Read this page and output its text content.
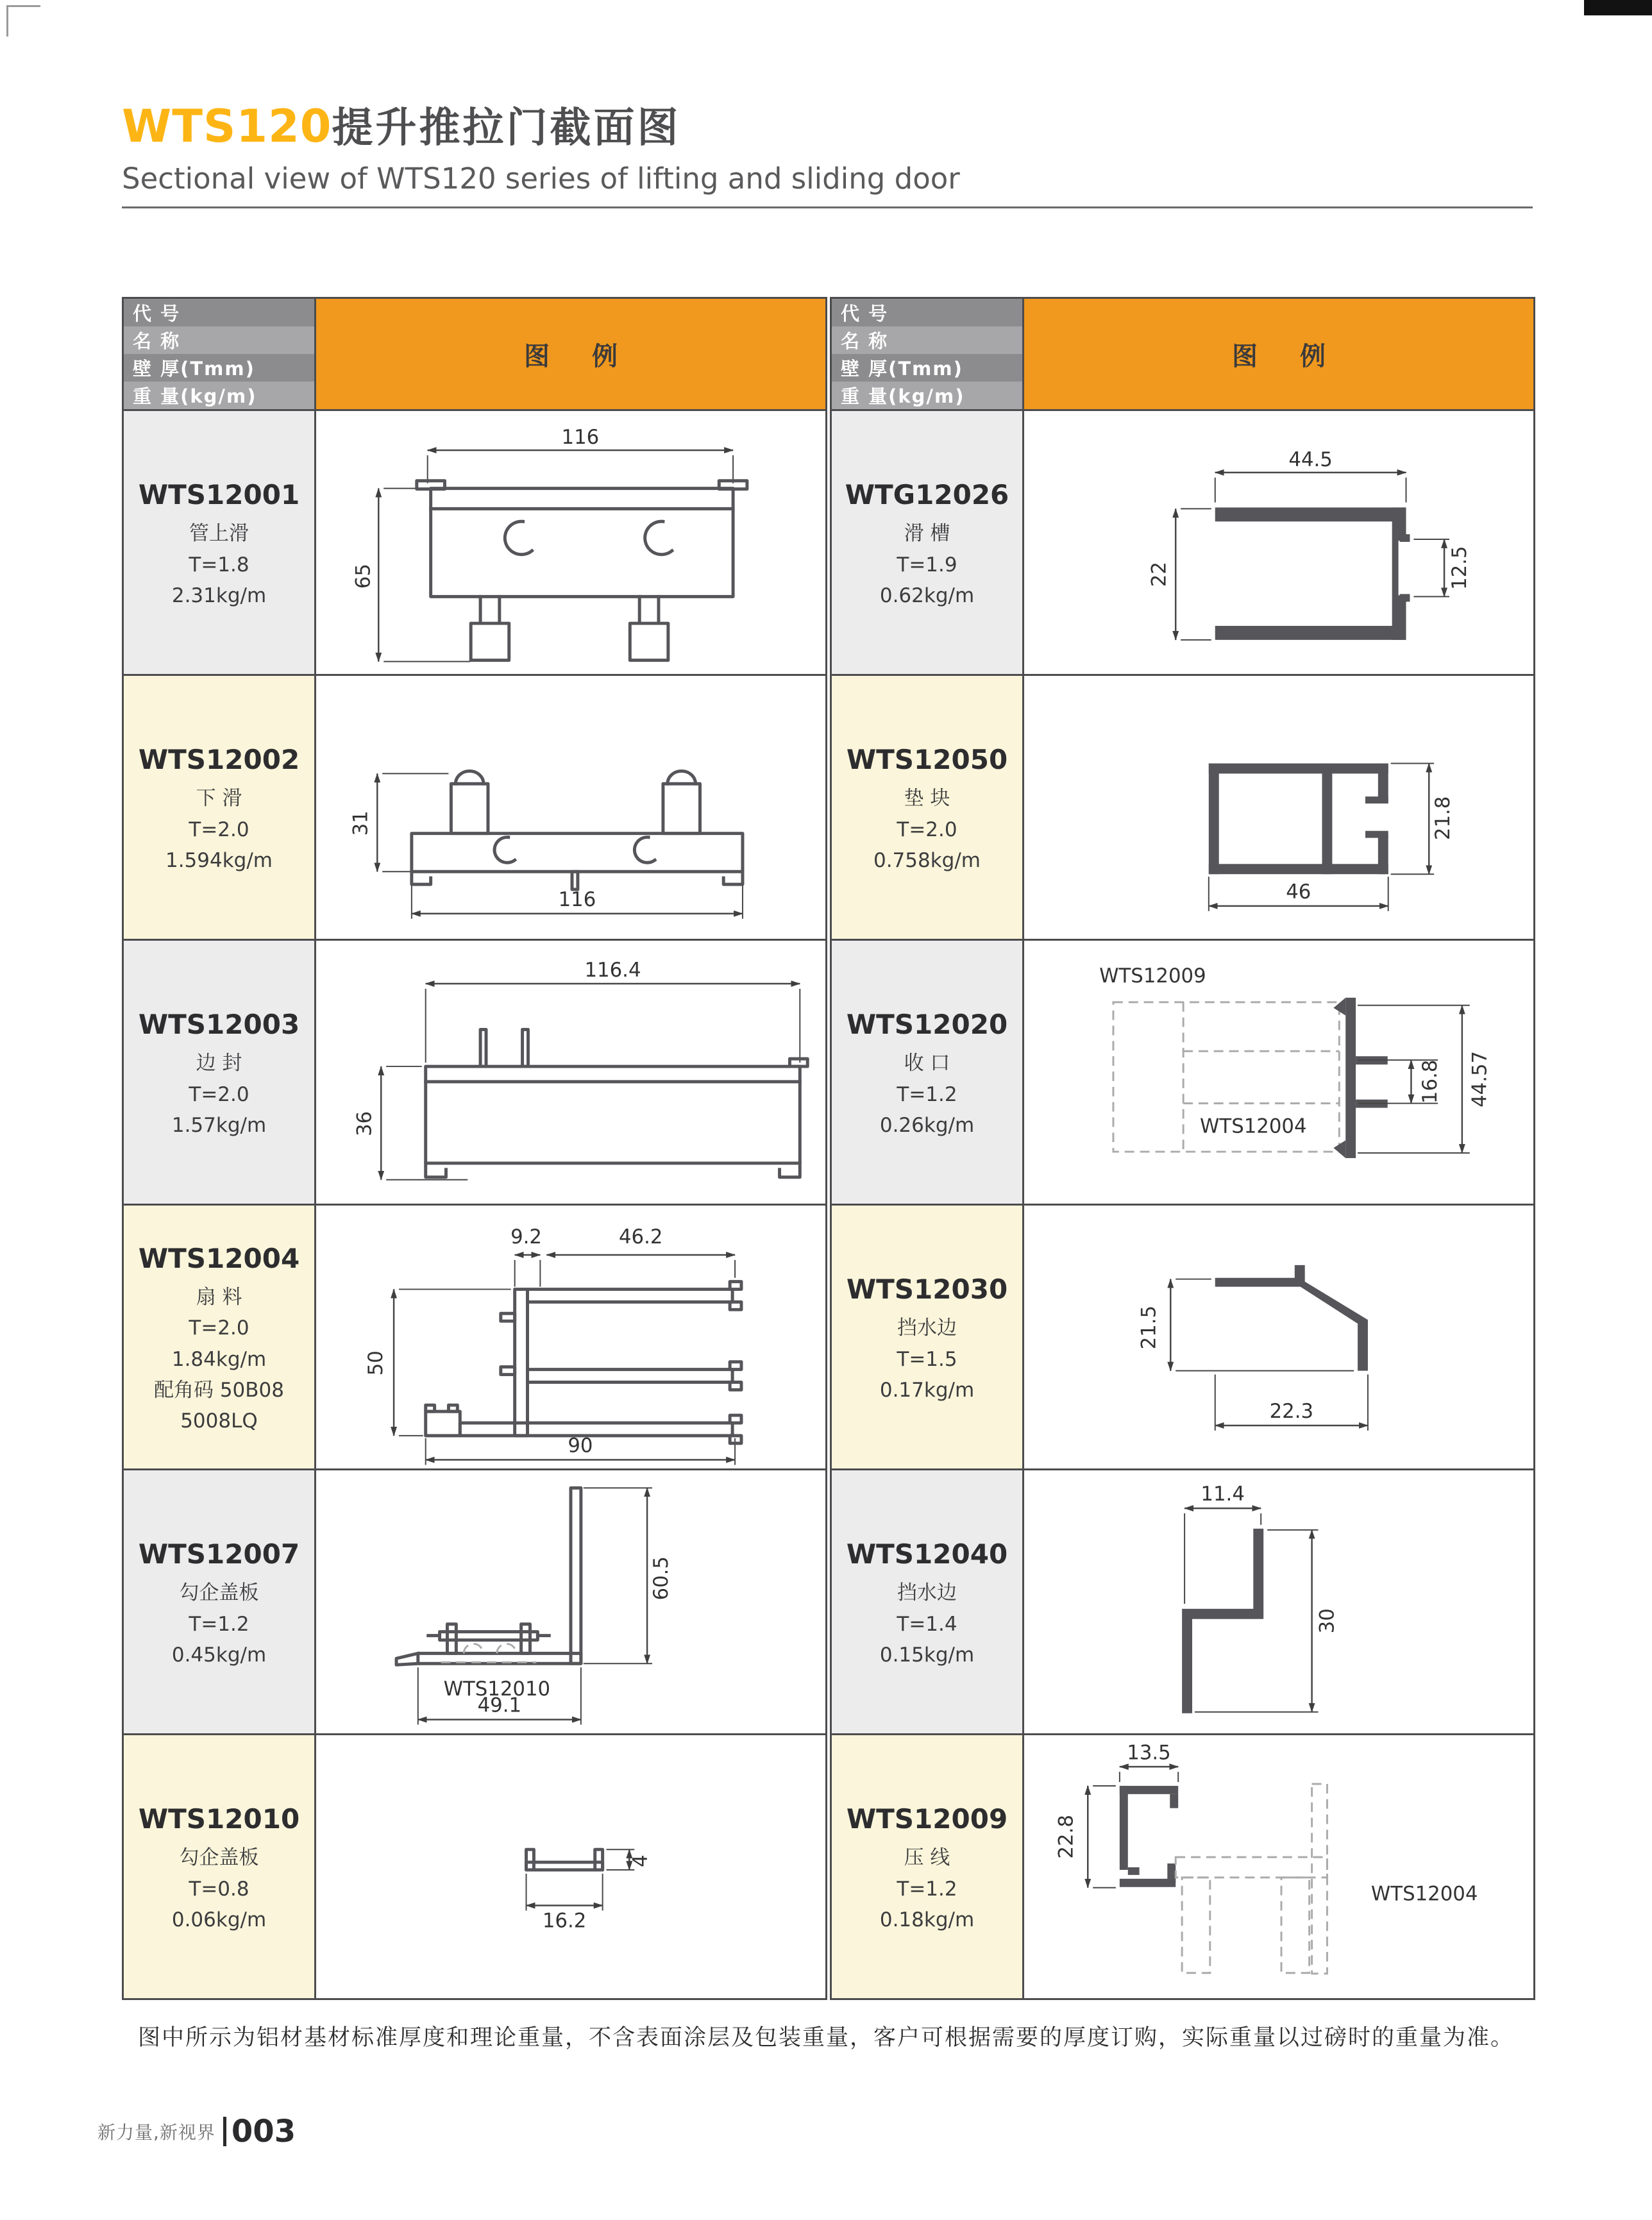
WTS120提升推拉门截面图
Sectional view of WTS120 series of lifting and sliding door
代 号
名 称
壁 厚(Tmm)
重 量(kg/m)
图 例
WTS12001
管上滑
T=1.8
2.31kg/m
116
65
WTS12002
下 滑
T=2.0
1.594kg/m
31
116
WTS12003
边 封
T=2.0
1.57kg/m
116.4
36
WTS12004
扇 料
T=2.0
1.84kg/m
配角码 50B08
5008LQ
9.2	46.2
50
90
WTS12007
勾企盖板
T=1.2
0.45kg/m
WTS12010
60.5
49.1
WTS12010
勾企盖板
T=0.8
0.06kg/m
4
16.2
代 号
名 称
壁 厚(Tmm)
重 量(kg/m)
图 例
WTG12026
滑 槽
T=1.9
0.62kg/m
44.5
22	12.5
WTS12050
垫 块
T=2.0
0.758kg/m
46
21.8
WTS12020
收 口
T=1.2
0.26kg/m
WTS12009
WTS12004
16.8 44.57
WTS12030
挡水边
T=1.5
0.17kg/m
21.5
22.3
WTS12040
挡水边
T=1.4
0.15kg/m
11.4
30
WTS12009
压 线
T=1.2
0.18kg/m
13.5
22.8
WTS12004
图中所示为铝材基材标准厚度和理论重量，不含表面涂层及包装重量，客户可根据需要的厚度订购，实际重量以过磅时的重量为准。
新力量,新视界 003
